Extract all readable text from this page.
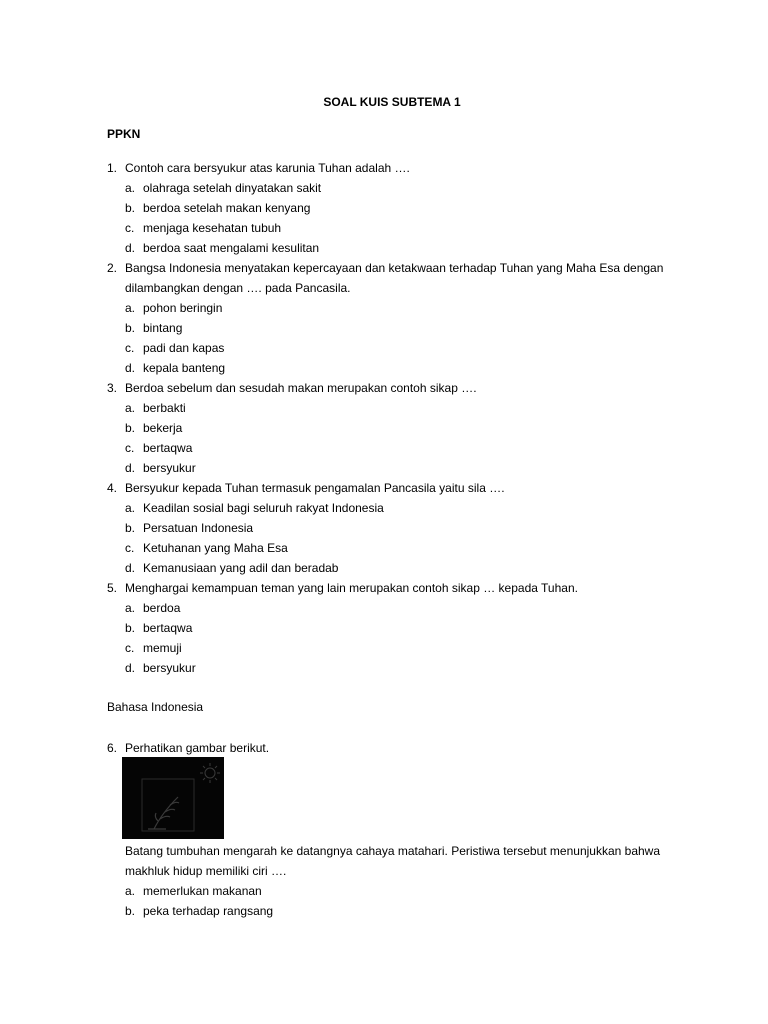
SOAL KUIS SUBTEMA 1
PPKN
1. Contoh cara bersyukur atas karunia Tuhan adalah ….
a. olahraga setelah dinyatakan sakit
b. berdoa setelah makan kenyang
c. menjaga kesehatan tubuh
d. berdoa saat mengalami kesulitan
2. Bangsa Indonesia menyatakan kepercayaan dan ketakwaan terhadap Tuhan yang Maha Esa dengan dilambangkan dengan …. pada Pancasila.
a. pohon beringin
b. bintang
c. padi dan kapas
d. kepala banteng
3. Berdoa sebelum dan sesudah makan merupakan contoh sikap ….
a. berbakti
b. bekerja
c. bertaqwa
d. bersyukur
4. Bersyukur kepada Tuhan termasuk pengamalan Pancasila yaitu sila ….
a. Keadilan sosial bagi seluruh rakyat Indonesia
b. Persatuan Indonesia
c. Ketuhanan yang Maha Esa
d. Kemanusiaan yang adil dan beradab
5. Menghargai kemampuan teman yang lain merupakan contoh sikap … kepada Tuhan.
a. berdoa
b. bertaqwa
c. memuji
d. bersyukur
Bahasa Indonesia
6. Perhatikan gambar berikut.
Batang tumbuhan mengarah ke datangnya cahaya matahari. Peristiwa tersebut menunjukkan bahwa makhluk hidup memiliki ciri ….
a. memerlukan makanan
b. peka terhadap rangsang
